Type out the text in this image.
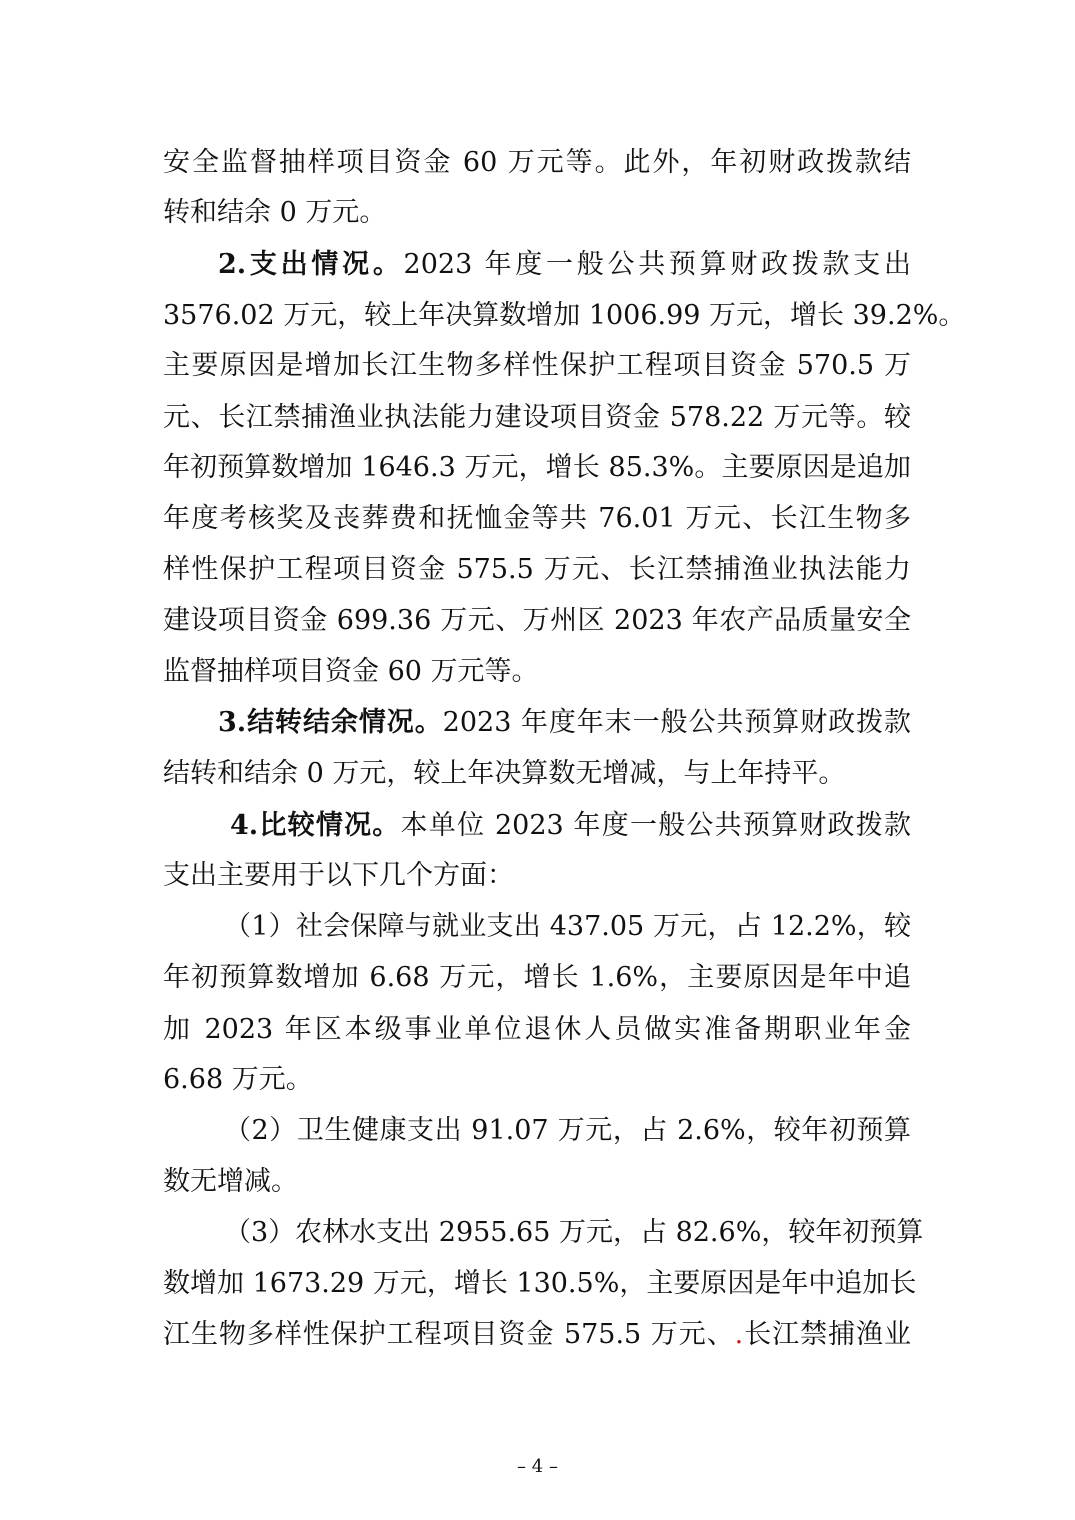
安全监督抽样项目资金 60 万元等。此外，年初财政拨款结
转和结余 0 万元。
2.支出情况。2023 年度一般公共预算财政拨款支出
3576.02 万元，较上年决算数增加 1006.99 万元，增长 39.2%。
主要原因是增加长江生物多样性保护工程项目资金 570.5 万
元、长江禁捕渔业执法能力建设项目资金 578.22 万元等。较
年初预算数增加 1646.3 万元，增长 85.3%。主要原因是追加
年度考核奖及丧葬费和抚恤金等共 76.01 万元、长江生物多
样性保护工程项目资金 575.5 万元、长江禁捕渔业执法能力
建设项目资金 699.36 万元、万州区 2023 年农产品质量安全
监督抽样项目资金 60 万元等。
3.结转结余情况。2023 年度年末一般公共预算财政拨款
结转和结余 0 万元，较上年决算数无增减，与上年持平。
4.比较情况。本单位 2023 年度一般公共预算财政拨款
支出主要用于以下几个方面：
（1）社会保障与就业支出 437.05 万元，占 12.2%，较
年初预算数增加 6.68 万元，增长 1.6%，主要原因是年中追
加 2023 年区本级事业单位退休人员做实准备期职业年金
6.68 万元。
（2）卫生健康支出 91.07 万元，占 2.6%，较年初预算
数无增减。
（3）农林水支出 2955.65 万元，占 82.6%，较年初预算
数增加 1673.29 万元，增长 130.5%，主要原因是年中追加长
江生物多样性保护工程项目资金 575.5 万元、.长江禁捕渔业
– 4 –
